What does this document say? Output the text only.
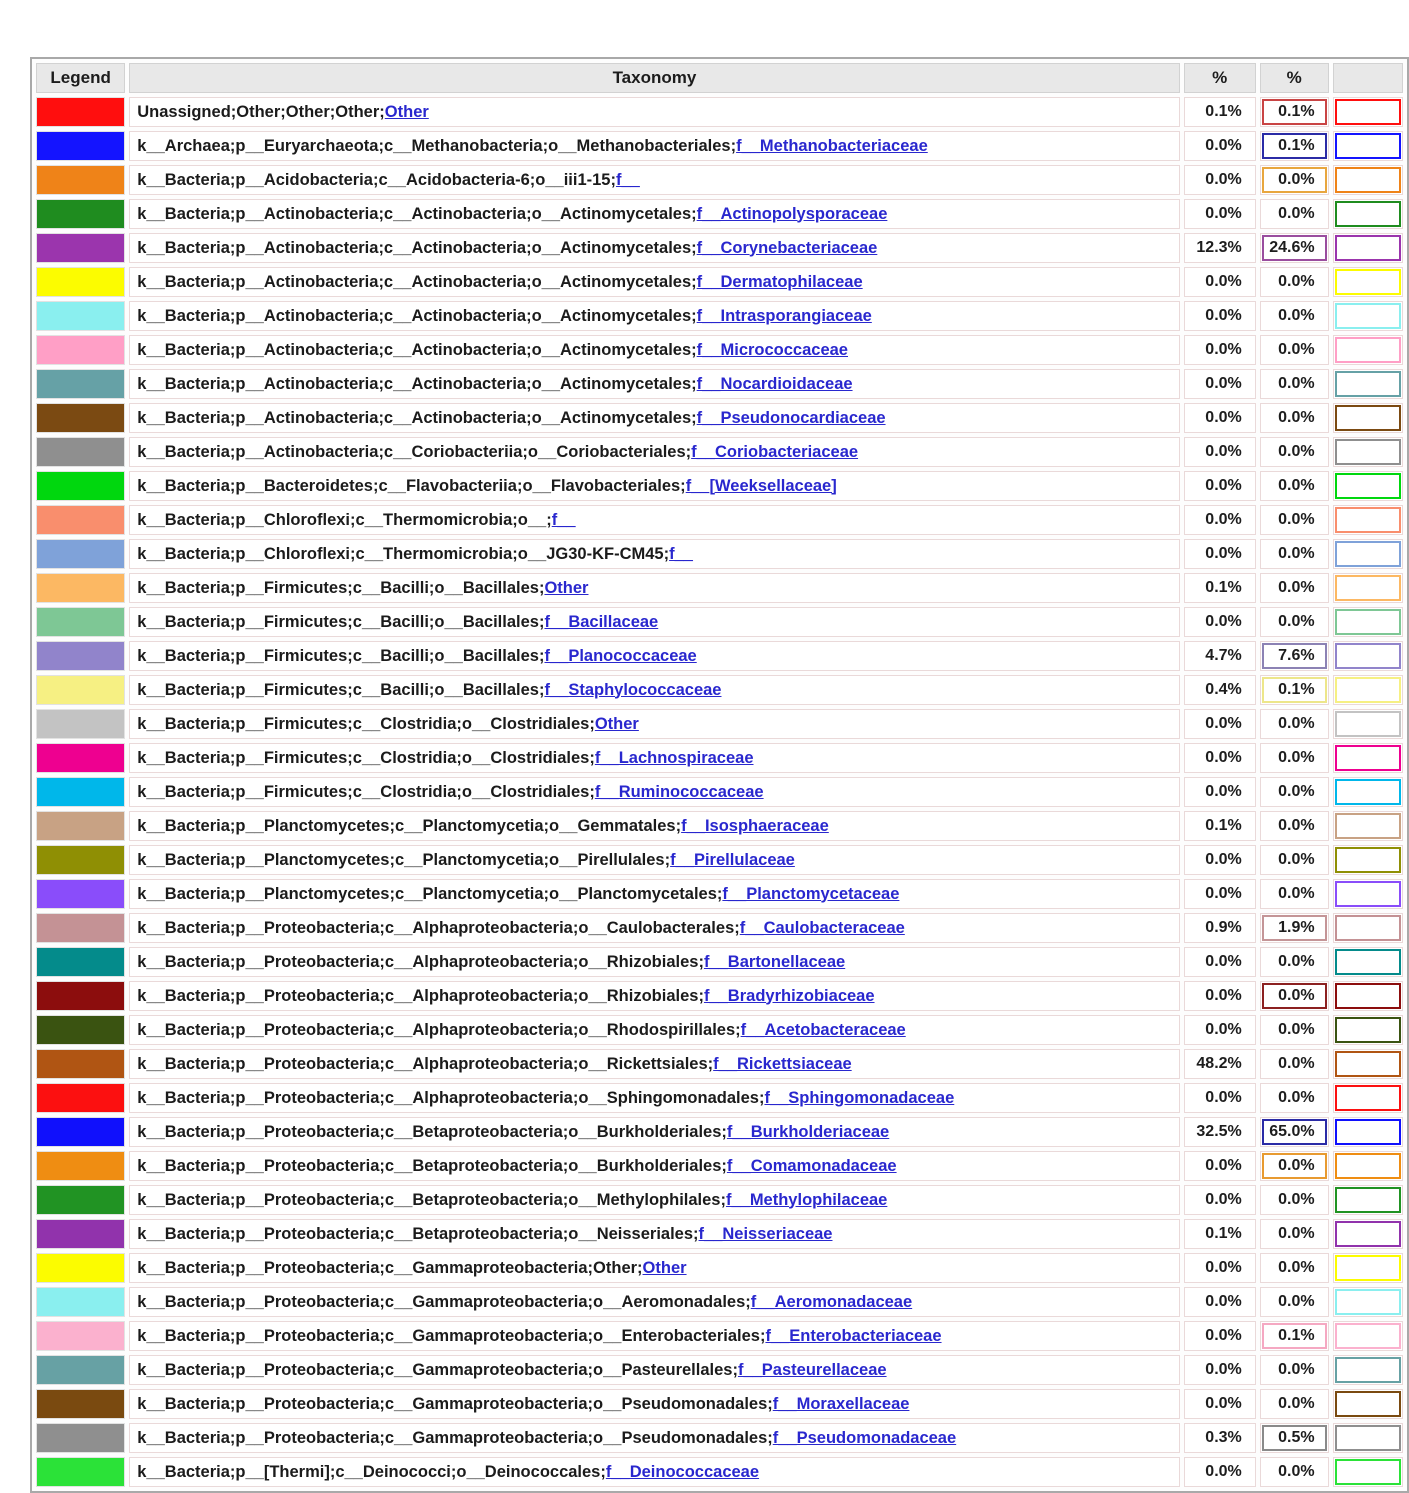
Legend	Taxonomy	%	%	
	Unassigned;Other;Other;Other;Other	0.1%	0.1%	

	k__Archaea;p__Euryarchaeota;c__Methanobacteria;o__Methanobacteriales;f__Methanobacteriaceae	0.0%	0.1%	

	k__Bacteria;p__Acidobacteria;c__Acidobacteria-6;o__iii1-15;f__	0.0%	0.0%	

	k__Bacteria;p__Actinobacteria;c__Actinobacteria;o__Actinomycetales;f__Actinopolysporaceae	0.0%	0.0%	

	k__Bacteria;p__Actinobacteria;c__Actinobacteria;o__Actinomycetales;f__Corynebacteriaceae	12.3%	24.6%	

	k__Bacteria;p__Actinobacteria;c__Actinobacteria;o__Actinomycetales;f__Dermatophilaceae	0.0%	0.0%	

	k__Bacteria;p__Actinobacteria;c__Actinobacteria;o__Actinomycetales;f__Intrasporangiaceae	0.0%	0.0%	

	k__Bacteria;p__Actinobacteria;c__Actinobacteria;o__Actinomycetales;f__Micrococcaceae	0.0%	0.0%	

	k__Bacteria;p__Actinobacteria;c__Actinobacteria;o__Actinomycetales;f__Nocardioidaceae	0.0%	0.0%	

	k__Bacteria;p__Actinobacteria;c__Actinobacteria;o__Actinomycetales;f__Pseudonocardiaceae	0.0%	0.0%	

	k__Bacteria;p__Actinobacteria;c__Coriobacteriia;o__Coriobacteriales;f__Coriobacteriaceae	0.0%	0.0%	

	k__Bacteria;p__Bacteroidetes;c__Flavobacteriia;o__Flavobacteriales;f__[Weeksellaceae]	0.0%	0.0%	

	k__Bacteria;p__Chloroflexi;c__Thermomicrobia;o__;f__	0.0%	0.0%	

	k__Bacteria;p__Chloroflexi;c__Thermomicrobia;o__JG30-KF-CM45;f__	0.0%	0.0%	

	k__Bacteria;p__Firmicutes;c__Bacilli;o__Bacillales;Other	0.1%	0.0%	

	k__Bacteria;p__Firmicutes;c__Bacilli;o__Bacillales;f__Bacillaceae	0.0%	0.0%	

	k__Bacteria;p__Firmicutes;c__Bacilli;o__Bacillales;f__Planococcaceae	4.7%	7.6%	

	k__Bacteria;p__Firmicutes;c__Bacilli;o__Bacillales;f__Staphylococcaceae	0.4%	0.1%	

	k__Bacteria;p__Firmicutes;c__Clostridia;o__Clostridiales;Other	0.0%	0.0%	

	k__Bacteria;p__Firmicutes;c__Clostridia;o__Clostridiales;f__Lachnospiraceae	0.0%	0.0%	

	k__Bacteria;p__Firmicutes;c__Clostridia;o__Clostridiales;f__Ruminococcaceae	0.0%	0.0%	

	k__Bacteria;p__Planctomycetes;c__Planctomycetia;o__Gemmatales;f__Isosphaeraceae	0.1%	0.0%	

	k__Bacteria;p__Planctomycetes;c__Planctomycetia;o__Pirellulales;f__Pirellulaceae	0.0%	0.0%	

	k__Bacteria;p__Planctomycetes;c__Planctomycetia;o__Planctomycetales;f__Planctomycetaceae	0.0%	0.0%	

	k__Bacteria;p__Proteobacteria;c__Alphaproteobacteria;o__Caulobacterales;f__Caulobacteraceae	0.9%	1.9%	

	k__Bacteria;p__Proteobacteria;c__Alphaproteobacteria;o__Rhizobiales;f__Bartonellaceae	0.0%	0.0%	

	k__Bacteria;p__Proteobacteria;c__Alphaproteobacteria;o__Rhizobiales;f__Bradyrhizobiaceae	0.0%	0.0%	

	k__Bacteria;p__Proteobacteria;c__Alphaproteobacteria;o__Rhodospirillales;f__Acetobacteraceae	0.0%	0.0%	

	k__Bacteria;p__Proteobacteria;c__Alphaproteobacteria;o__Rickettsiales;f__Rickettsiaceae	48.2%	0.0%	

	k__Bacteria;p__Proteobacteria;c__Alphaproteobacteria;o__Sphingomonadales;f__Sphingomonadaceae	0.0%	0.0%	

	k__Bacteria;p__Proteobacteria;c__Betaproteobacteria;o__Burkholderiales;f__Burkholderiaceae	32.5%	65.0%	

	k__Bacteria;p__Proteobacteria;c__Betaproteobacteria;o__Burkholderiales;f__Comamonadaceae	0.0%	0.0%	

	k__Bacteria;p__Proteobacteria;c__Betaproteobacteria;o__Methylophilales;f__Methylophilaceae	0.0%	0.0%	

	k__Bacteria;p__Proteobacteria;c__Betaproteobacteria;o__Neisseriales;f__Neisseriaceae	0.1%	0.0%	

	k__Bacteria;p__Proteobacteria;c__Gammaproteobacteria;Other;Other	0.0%	0.0%	

	k__Bacteria;p__Proteobacteria;c__Gammaproteobacteria;o__Aeromonadales;f__Aeromonadaceae	0.0%	0.0%	

	k__Bacteria;p__Proteobacteria;c__Gammaproteobacteria;o__Enterobacteriales;f__Enterobacteriaceae	0.0%	0.1%	

	k__Bacteria;p__Proteobacteria;c__Gammaproteobacteria;o__Pasteurellales;f__Pasteurellaceae	0.0%	0.0%	

	k__Bacteria;p__Proteobacteria;c__Gammaproteobacteria;o__Pseudomonadales;f__Moraxellaceae	0.0%	0.0%	

	k__Bacteria;p__Proteobacteria;c__Gammaproteobacteria;o__Pseudomonadales;f__Pseudomonadaceae	0.3%	0.5%	

	k__Bacteria;p__[Thermi];c__Deinococci;o__Deinococcales;f__Deinococcaceae	0.0%	0.0%	
